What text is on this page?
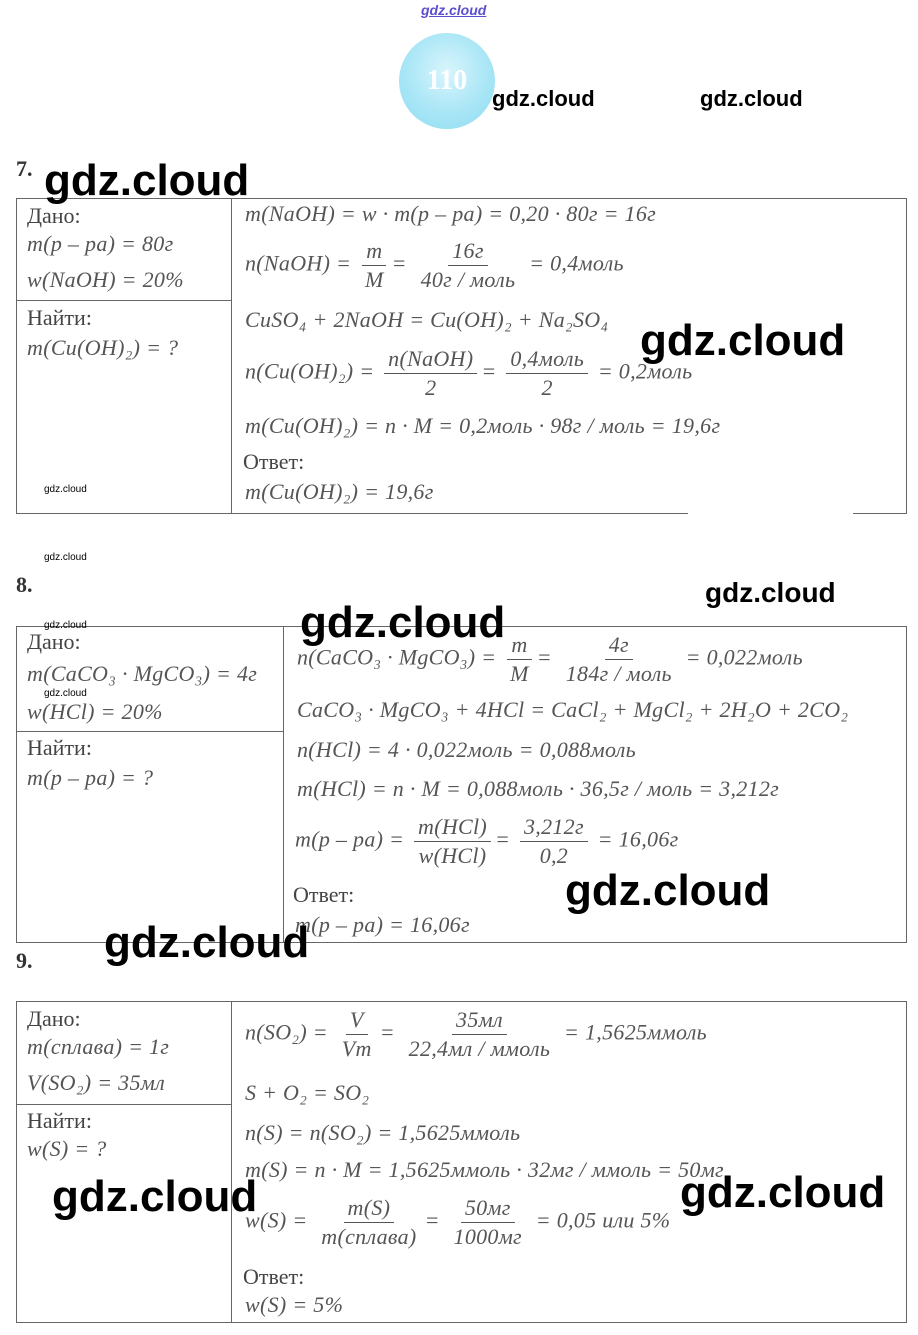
gdz.cloud
110
gdz.cloud	gdz.cloud
7.
Дано:
m(р – ра) = 80г
w(NaOH) = 20%
Найти:
m(Cu(OH)₂) = ?
m(NaOH) = w · m(р – ра) = 0,20 · 80г = 16г
n(NaOH) = $\frac{m}{M} = \frac{16г}{\text{40г / моль}}$ = 0,4моль
CuSO₄ + 2NaOH = Cu(OH)₂ + Na₂SO₄
$n(Cu(OH)_2) = \frac{\text{n(NaOH)}}{2} = \frac{\text{0,4моль}}{2}$ = 0,2моль
m(Cu(OH)₂) = n · M = 0,2моль · 98г / моль = 19,6г
Ответ:
m(Cu(OH)₂) = 19,6г
gdz.cloud
gdz.cloud
gdz.cloud
gdz.cloud
8.	gdz.cloud
Дано:
m(CaCO₃ · MgCO₃) = 4г
w(HCl) = 20%
Найти:
m(р – ра) = ?
n(CaCO₃ · MgCO₃) = $\frac{m}{M} = \frac{4г}{\text{184г / моль}}$ = 0,022моль
CaCO₃ · MgCO₃ + 4HCl = CaCl₂ + MgCl₂ + 2H₂O + 2CO₂
n(HCl) = 4 · 0,022моль = 0,088моль
m(HCl) = n · M = 0,088моль · 36,5г / моль = 3,212г
$m(р - ра) = \frac{\text{m(HCl)}}{\text{w(HCl)}} = \frac{3,212г}{0,2} = 16,06г$
Ответ:
m(р – ра) = 16,06г
gdz.cloud
gdz.cloud
gdz.cloud
gdz.cloud
9. gdz.cloud
Дано:
m(сплава) = 1г
V(SO₂) = 35мл
Найти:
w(S) = ?
$n(SO_2) = \frac{V}{Vm} = \frac{35мл}{\text{22,4мл / ммоль}}$ = 1,5625ммоль
S + O₂ = SO₂
n(S) = n(SO₂) = 1,5625ммоль
m(S) = n · M = 1,5625ммоль · 32мг / ммоль = 50мг
$w(S) = \frac{m(S)}{\text{m(сплава)}} = \frac{50мг}{1000мг} = 0,05$ или 5%
Ответ:
w(S) = 5%
gdz.cloud	gdz.cloud
